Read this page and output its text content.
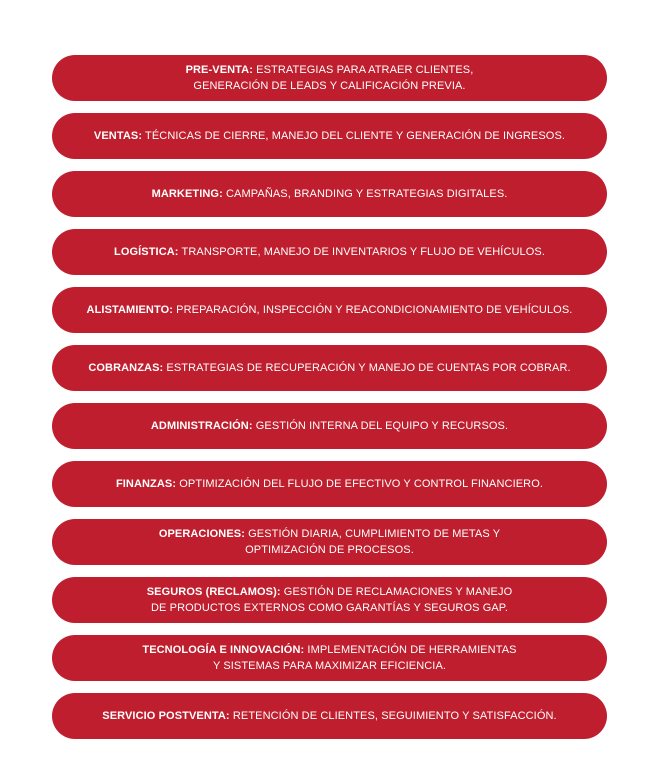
PRE-VENTA: ESTRATEGIAS PARA ATRAER CLIENTES,
GENERACIÓN DE LEADS Y CALIFICACIÓN PREVIA.
VENTAS: TÉCNICAS DE CIERRE, MANEJO DEL CLIENTE Y GENERACIÓN DE INGRESOS.
MARKETING: CAMPAÑAS, BRANDING Y ESTRATEGIAS DIGITALES.
LOGÍSTICA: TRANSPORTE, MANEJO DE INVENTARIOS Y FLUJO DE VEHÍCULOS.
ALISTAMIENTO: PREPARACIÓN, INSPECCIÓN Y REACONDICIONAMIENTO DE VEHÍCULOS.
COBRANZAS: ESTRATEGIAS DE RECUPERACIÓN Y MANEJO DE CUENTAS POR COBRAR.
ADMINISTRACIÓN: GESTIÓN INTERNA DEL EQUIPO Y RECURSOS.
FINANZAS: OPTIMIZACIÓN DEL FLUJO DE EFECTIVO Y CONTROL FINANCIERO.
OPERACIONES: GESTIÓN DIARIA, CUMPLIMIENTO DE METAS Y
OPTIMIZACIÓN DE PROCESOS.
SEGUROS (RECLAMOS): GESTIÓN DE RECLAMACIONES Y MANEJO
DE PRODUCTOS EXTERNOS COMO GARANTÍAS Y SEGUROS GAP.
TECNOLOGÍA E INNOVACIÓN: IMPLEMENTACIÓN DE HERRAMIENTAS
Y SISTEMAS PARA MAXIMIZAR EFICIENCIA.
SERVICIO POSTVENTA: RETENCIÓN DE CLIENTES, SEGUIMIENTO Y SATISFACCIÓN.
